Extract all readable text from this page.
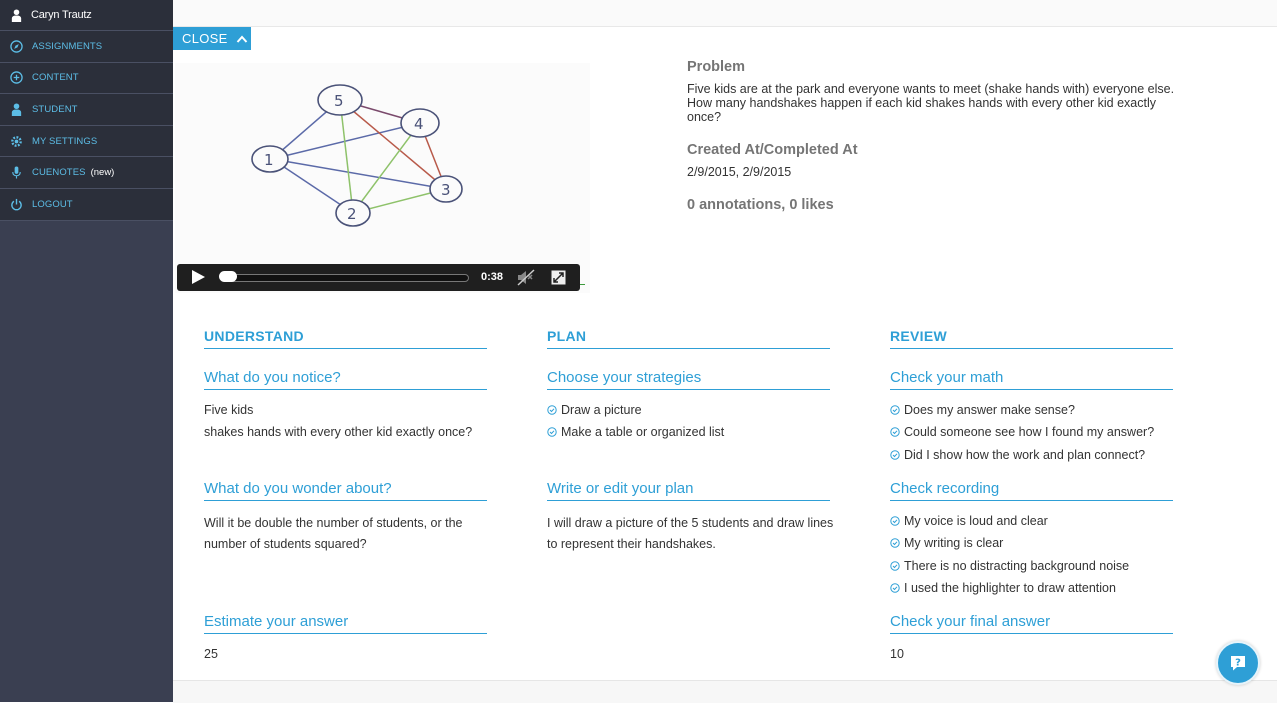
Caryn Trautz
ASSIGNMENTS
CONTENT
STUDENT
MY SETTINGS
CUENOTES (new)
LOGOUT
CLOSE
5
4
1
3
2
0:38
Problem
Five kids are at the park and everyone wants to meet (shake hands with) everyone else. How many handshakes happen if each kid shakes hands with every other kid exactly once?
Created At/Completed At
2/9/2015, 2/9/2015
0 annotations, 0 likes
UNDERSTAND
What do you notice?
Five kids
shakes hands with every other kid exactly once?
What do you wonder about?
Will it be double the number of students, or the number of students squared?
Estimate your answer
25
PLAN
Choose your strategies
Draw a picture
Make a table or organized list
Write or edit your plan
I will draw a picture of the 5 students and draw lines to represent their handshakes.
REVIEW
Check your math
Does my answer make sense?
Could someone see how I found my answer?
Did I show how the work and plan connect?
Check recording
My voice is loud and clear
My writing is clear
There is no distracting background noise
I used the highlighter to draw attention
Check your final answer
10
?
